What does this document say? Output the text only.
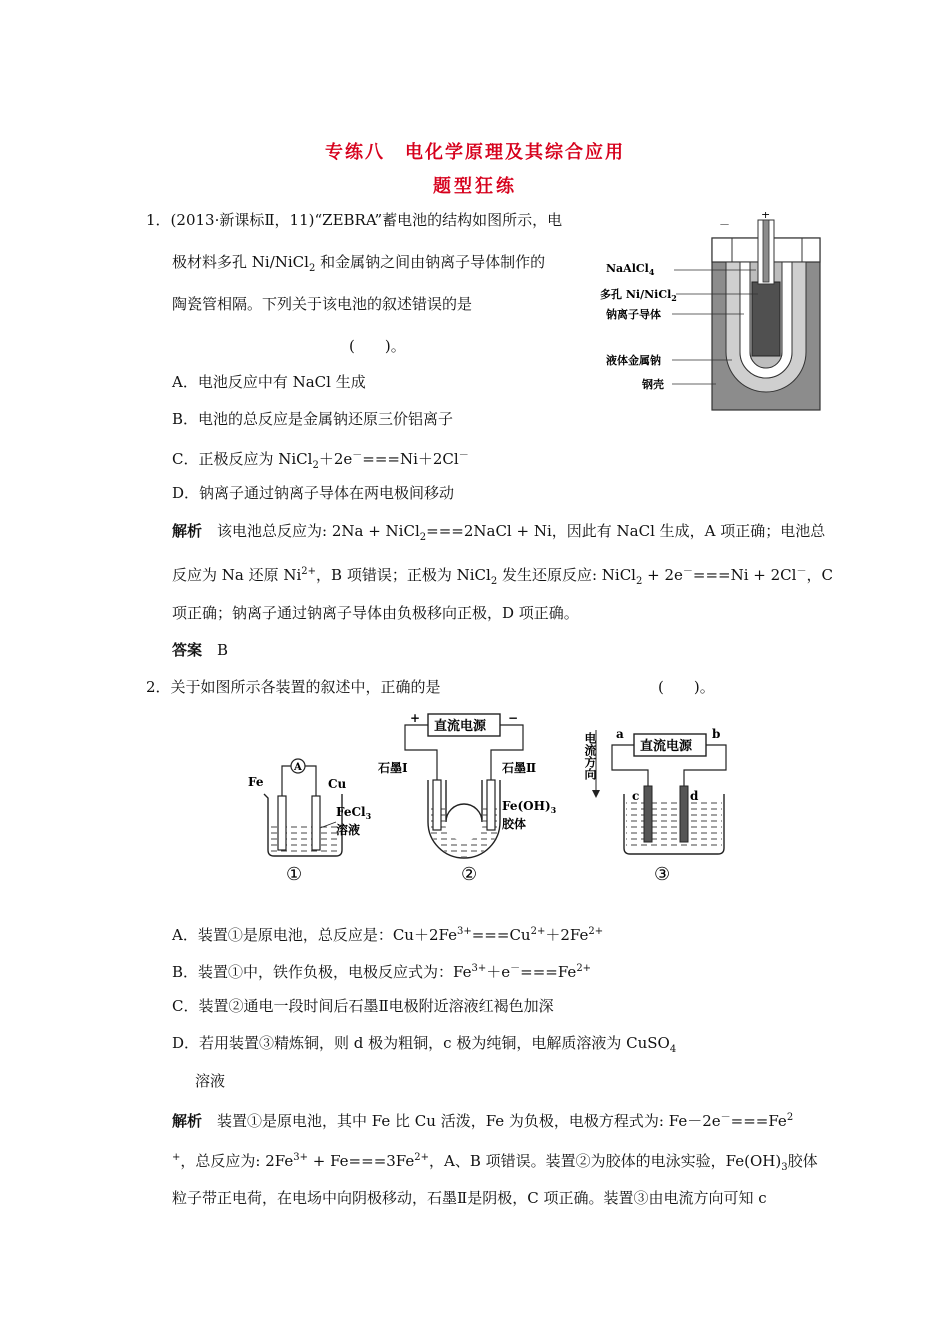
专练八　电化学原理及其综合应用
题型狂练
1．(2013·新课标Ⅱ，11)“ZEBRA”蓄电池的结构如图所示，电
极材料多孔 Ni/NiCl$_2$ 和金属钠之间由钠离子导体制作的
陶瓷管相隔。下列关于该电池的叙述错误的是
(　　)。
A．电池反应中有 NaCl 生成
B．电池的总反应是金属钠还原三价铝离子
C．正极反应为 NiCl$_2$＋2e－===Ni＋2Cl－
D．钠离子通过钠离子导体在两电极间移动
解析　该电池总反应为: 2Na + NiCl$_2$===2NaCl + Ni，因此有 NaCl 生成，A 项正确；电池总
反应为 Na 还原 $Ni^{2+}$，B 项错误；正极为 NiCl$_2$ 发生还原反应: NiCl$_2$ + 2e－===Ni + 2Cl－，C
项正确；钠离子通过钠离子导体由负极移向正极，D 项正确。
答案　B
－
+
NaAlCl$_4$
多孔 Ni/NiCl$_2$
钠离子导体
液体金属钠
钢壳
2．关于如图所示各装置的叙述中，正确的是	(　　)。
A
Fe	Cu
FeCl$_3$
溶液
①
直流电源
+	−
石墨Ⅰ	石墨Ⅱ
$Fe(OH)_3$
胶体
②
电流方向	直流电源
a	b
c	d
③
A．装置①是原电池，总反应是：$Cu+2Fe^{3+}===Cu^{2+}+2Fe^{2+}$
B．装置①中，铁作负极，电极反应式为：$Fe^{3+}+e^-===Fe^{2+}$
C．装置②通电一段时间后石墨Ⅱ电极附近溶液红褐色加深
D．若用装置③精炼铜，则 d 极为粗铜，c 极为纯铜，电解质溶液为 CuSO$_4$
溶液
解析　装置①是原电池，其中 Fe 比 Cu 活泼，Fe 为负极，电极方程式为: $Fe-2e^-===Fe^2$
+，总反应为: $2Fe^{3+} + Fe===3Fe^{2+}$，A、B 项错误。装置②为胶体的电泳实验，$Fe(OH)_3$胶体
粒子带正电荷，在电场中向阴极移动，石墨Ⅱ是阴极，C 项正确。装置③由电流方向可知 c
